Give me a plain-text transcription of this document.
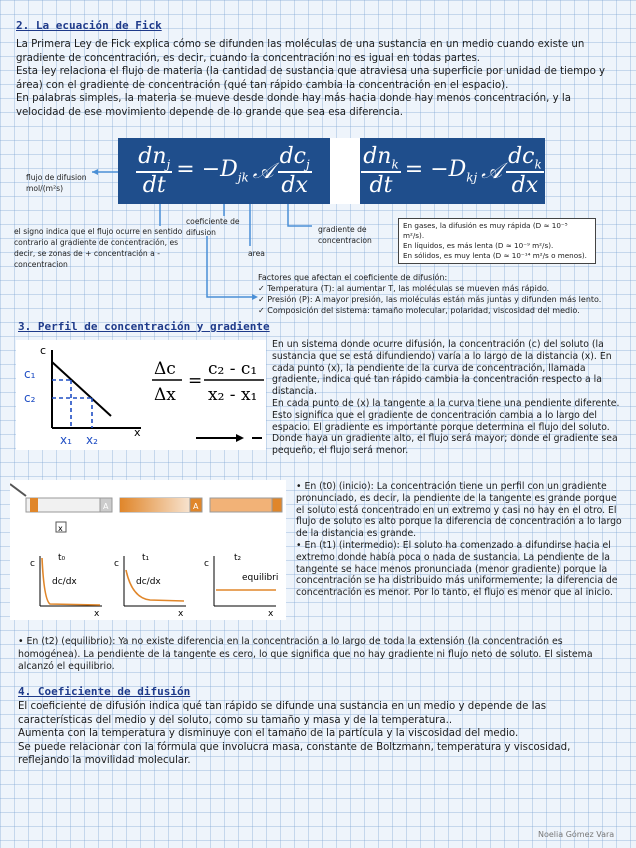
2. La ecuación de Fick
La Primera Ley de Fick explica cómo se difunden las moléculas de una sustancia en un medio cuando existe un gradiente de concentración, es decir, cuando la concentración no es igual en todas partes.
Esta ley relaciona el flujo de materia (la cantidad de sustancia que atraviesa una superficie por unidad de tiempo y área) con el gradiente de concentración (qué tan rápido cambia la concentración en el espacio).
En palabras simples, la materia se mueve desde donde hay más hacia donde hay menos concentración, y la velocidad de ese movimiento depende de lo grande que sea esa diferencia.
$\frac{dn_j}{dt} = -D_{jk}$ 𝒜 $\frac{dc_j}{dx} \frac{dn_k}{dt} = -D_{kj}$ 𝒜 $\frac{dc_k}{dx}$
flujo de difusion
mol/(m²s)
el signo indica que el flujo ocurre en sentido contrario al gradiente de concentración, es decir, se zonas de + concentración a -concentracion
coeficiente de difusion
area
gradiente de concentracion
En gases, la difusión es muy rápida (D ≈ 10⁻⁵ m²/s).
En líquidos, es más lenta (D ≈ 10⁻⁹ m²/s).
En sólidos, es muy lenta (D ≈ 10⁻¹⁴ m²/s o menos).
Factores que afectan el coeficiente de difusión:
✓ Temperatura (T): al aumentar T, las moléculas se mueven más rápido.
✓ Presión (P): A mayor presión, las moléculas están más juntas y difunden más lento.
✓ Composición del sistema: tamaño molecular, polaridad, viscosidad del medio.
3. Perfil de concentración y gradiente
c
c₁
c₂
x₁ x₂
x
Δc
Δx
=
c₂ - c₁
x₂ - x₁
En un sistema donde ocurre difusión, la concentración (c) del soluto (la sustancia que se está difundiendo) varía a lo largo de la distancia (x). En cada punto (x), la pendiente de la curva de concentración, llamada gradiente, indica qué tan rápido cambia la concentración respecto a la distancia.
En cada punto de (x) la tangente a la curva tiene una pendiente diferente. Esto significa que el gradiente de concentración cambia a lo largo del espacio. El gradiente es importante porque determina el flujo del soluto. Donde haya un gradiente alto, el flujo será mayor; donde el gradiente sea pequeño, el flujo será menor.
A	A
x
t₀
c
dc/dx
x
t₁
c
dc/dx
x
t₂
c
equilibri
x
• En (t0) (inicio): La concentración tiene un perfil con un gradiente pronunciado, es decir, la pendiente de la tangente es grande porque el soluto está concentrado en un extremo y casi no hay en el otro. El flujo de soluto es alto porque la diferencia de concentración a lo largo de la distancia es grande.
• En (t1) (intermedio): El soluto ha comenzado a difundirse hacia el extremo donde había poca o nada de sustancia. La pendiente de la tangente se hace menos pronunciada (menor gradiente) porque la concentración se ha distribuido más uniformemente; la diferencia de concentración es menor. Por lo tanto, el flujo es menor que al inicio.
• En (t2) (equilibrio): Ya no existe diferencia en la concentración a lo largo de toda la extensión (la concentración es homogénea). La pendiente de la tangente es cero, lo que significa que no hay gradiente ni flujo neto de soluto. El sistema alcanzó el equilibrio.
4. Coeficiente de difusión
El coeficiente de difusión indica qué tan rápido se difunde una sustancia en un medio y depende de las características del medio y del soluto, como su tamaño y masa y de la temperatura..
Aumenta con la temperatura y disminuye con el tamaño de la partícula y la viscosidad del medio.
Se puede relacionar con la fórmula que involucra masa, constante de Boltzmann, temperatura y viscosidad, reflejando la movilidad molecular.
Noelia Gómez Vara
